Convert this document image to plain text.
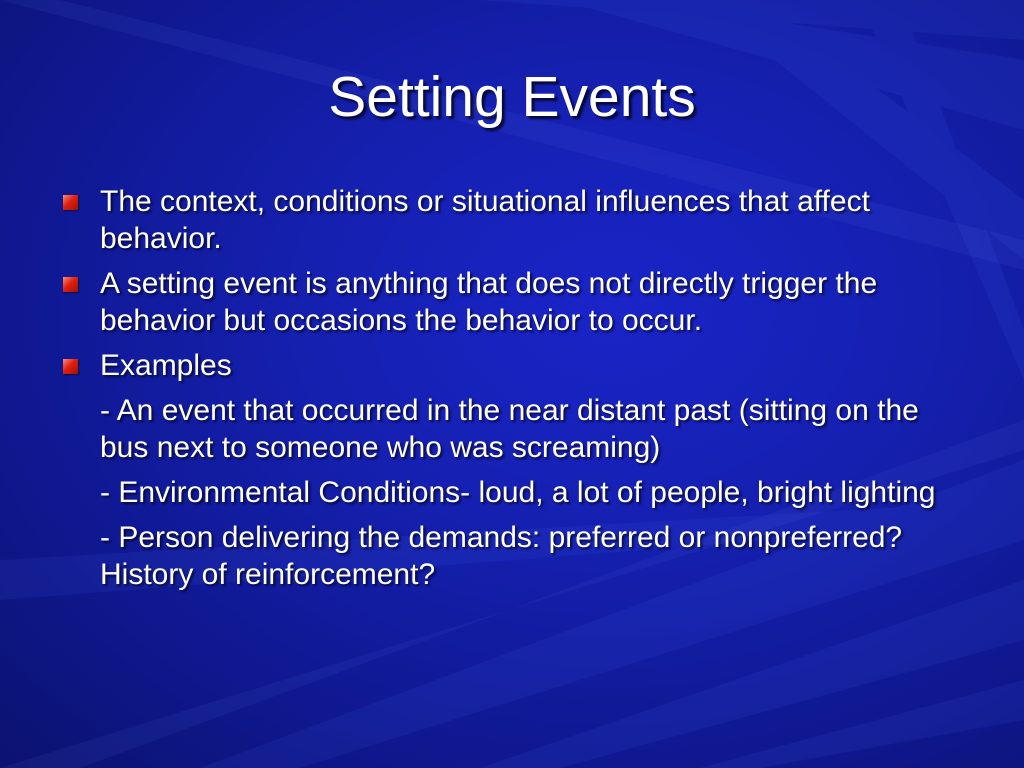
Setting Events
The context, conditions or situational influences that affect behavior.
A setting event is anything that does not directly trigger the behavior but occasions the behavior to occur.
Examples
- An event that occurred in the near distant past (sitting on the bus next to someone who was screaming)
- Environmental Conditions- loud, a lot of people, bright lighting
- Person delivering the demands: preferred or nonpreferred? History of reinforcement?
